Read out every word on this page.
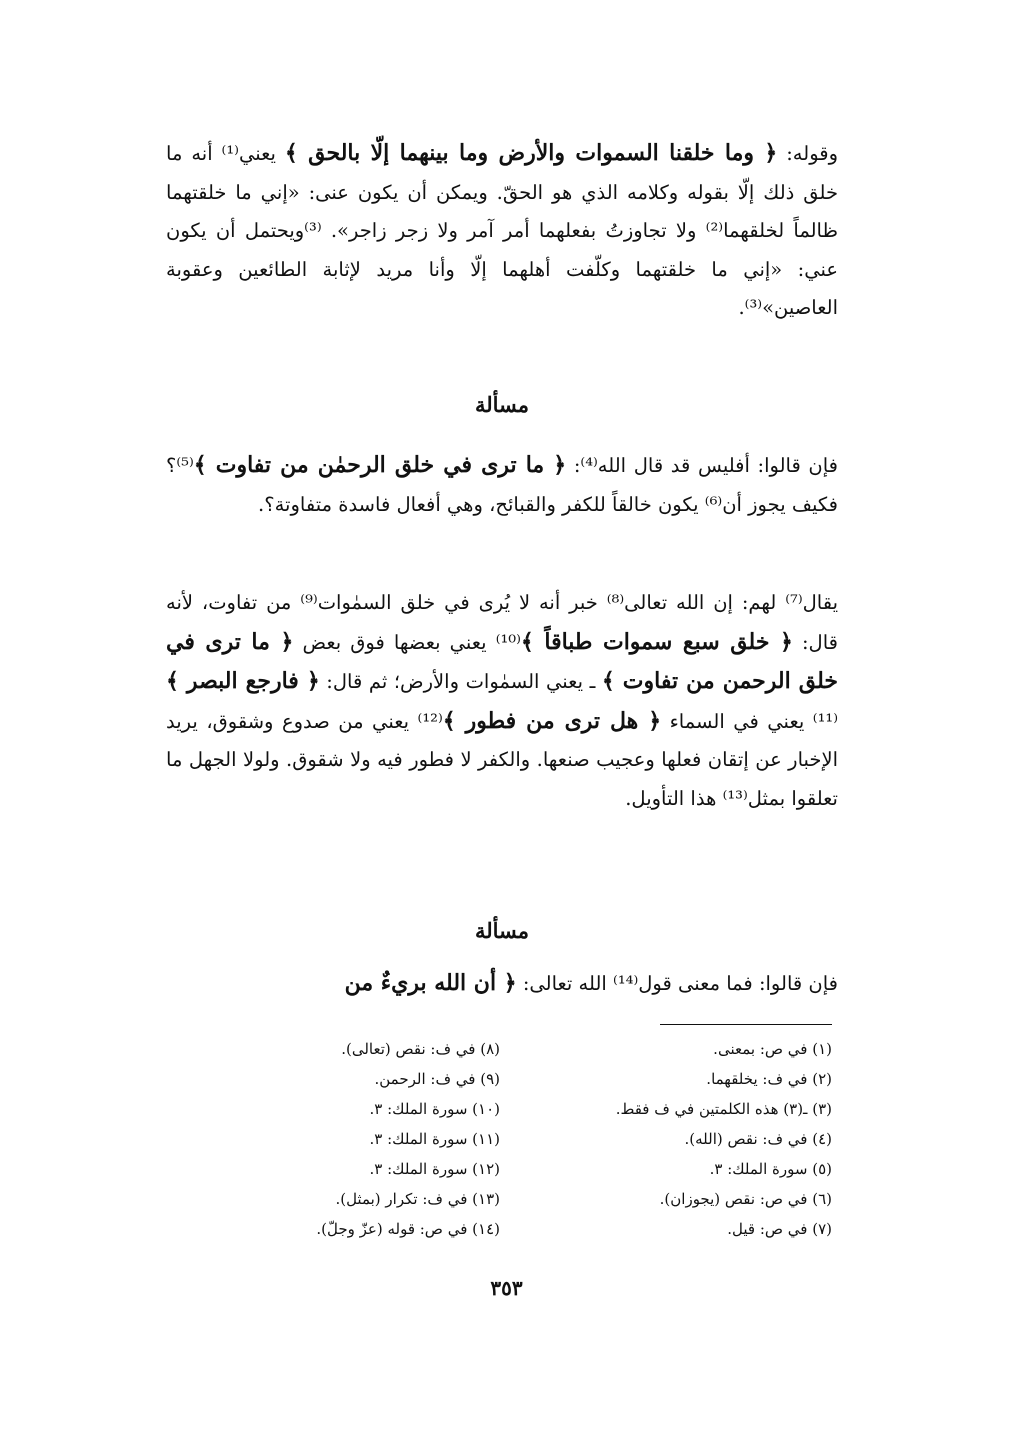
وقوله: ﴿ وما خلقنا السموات والأرض وما بينهما إلّا بالحق ﴾ يعني⁽¹⁾ أنه ما خلق ذلك إلّا بقوله وكلامه الذي هو الحقّ. ويمكن أن يكون عنى: «إني ما خلقتهما ظالماً لخلقهما⁽²⁾ ولا تجاوزتُ بفعلهما أمر آمر ولا زجر زاجر». ⁽³⁾ويحتمل أن يكون عني: «إني ما خلقتهما وكلّفت أهلهما إلّا وأنا مريد لإثابة الطائعين وعقوبة العاصين»⁽³⁾.

مسألة

فإن قالوا: أفليس قد قال الله⁽⁴⁾: ﴿ ما ترى في خلق الرحمٰن من تفاوت ﴾⁽⁵⁾؟ فكيف يجوز أن⁽⁶⁾ يكون خالقاً للكفر والقبائح، وهي أفعال فاسدة متفاوتة؟.

يقال⁽⁷⁾ لهم: إن الله تعالى⁽⁸⁾ خبر أنه لا يُرى في خلق السمٰوات⁽⁹⁾ من تفاوت، لأنه قال: ﴿ خلق سبع سموات طباقاً ﴾⁽¹⁰⁾ يعني بعضها فوق بعض ﴿ ما ترى في خلق الرحمن من تفاوت ﴾ ـ يعني السمٰوات والأرض؛ ثم قال: ﴿ فارجع البصر ﴾⁽¹¹⁾ يعني في السماء ﴿ هل ترى من فطور ﴾⁽¹²⁾ يعني من صدوع وشقوق، يريد الإخبار عن إتقان فعلها وعجيب صنعها. والكفر لا فطور فيه ولا شقوق. ولولا الجهل ما تعلقوا بمثل⁽¹³⁾ هذا التأويل.

مسألة

فإن قالوا: فما معنى قول⁽¹⁴⁾ الله تعالى: ﴿ أن الله بريءٌ من

(١) في ص: بمعنى.
(٢) في ف: يخلقهما.
(٣) ـ(٣) هذه الكلمتين في ف فقط.
(٤) في ف: نقص (الله).
(٥) سورة الملك: ٣.
(٦) في ص: نقص (يجوزان).
(٧) في ص: قيل.
(٨) في ف: نقص (تعالى).
(٩) في ف: الرحمن.
(١٠) سورة الملك: ٣.
(١١) سورة الملك: ٣.
(١٢) سورة الملك: ٣.
(١٣) في ف: تكرار (بمثل).
(١٤) في ص: قوله (عزّ وجلّ).
٣٥٣
